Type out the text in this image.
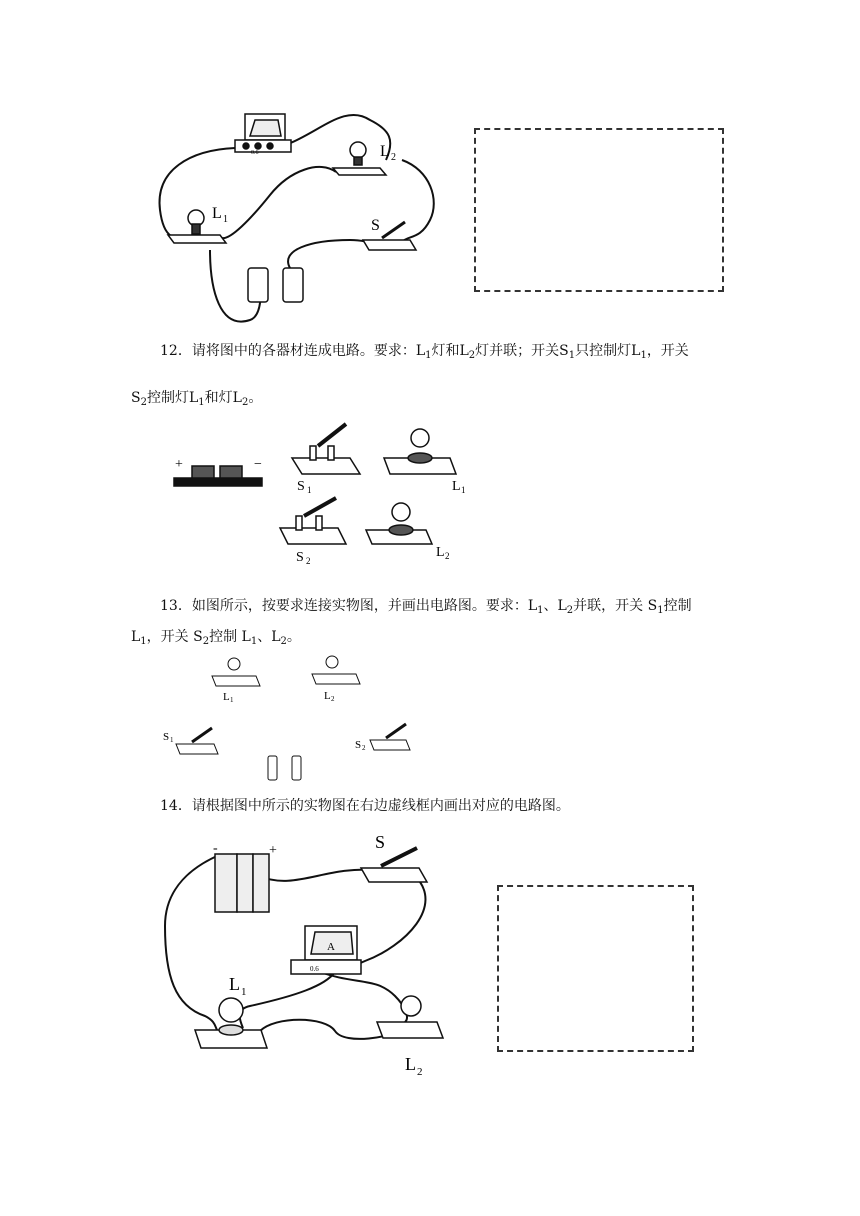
0.6	L 2
L 1	S
12．请将图中的各器材连成电路。要求：$L_1$灯和$L_2$灯并联；开关$S_1$只控制灯$L_1$，开关
$S_2$控制灯$L_1$和灯$L_2$。
+	−
S 1	L 1
S 2
L 2
13．如图所示，按要求连接实物图，并画出电路图。要求：$L_1$、$L_2$并联，开关 $S_1$控制
$L_1$，开关 $S_2$控制 $L_1$、$L_2$。
L 1	L 2
S 1	S 2
14．请根据图中所示的实物图在右边虚线框内画出对应的电路图。
-	+	S
A
0.6
L 1
L 2
